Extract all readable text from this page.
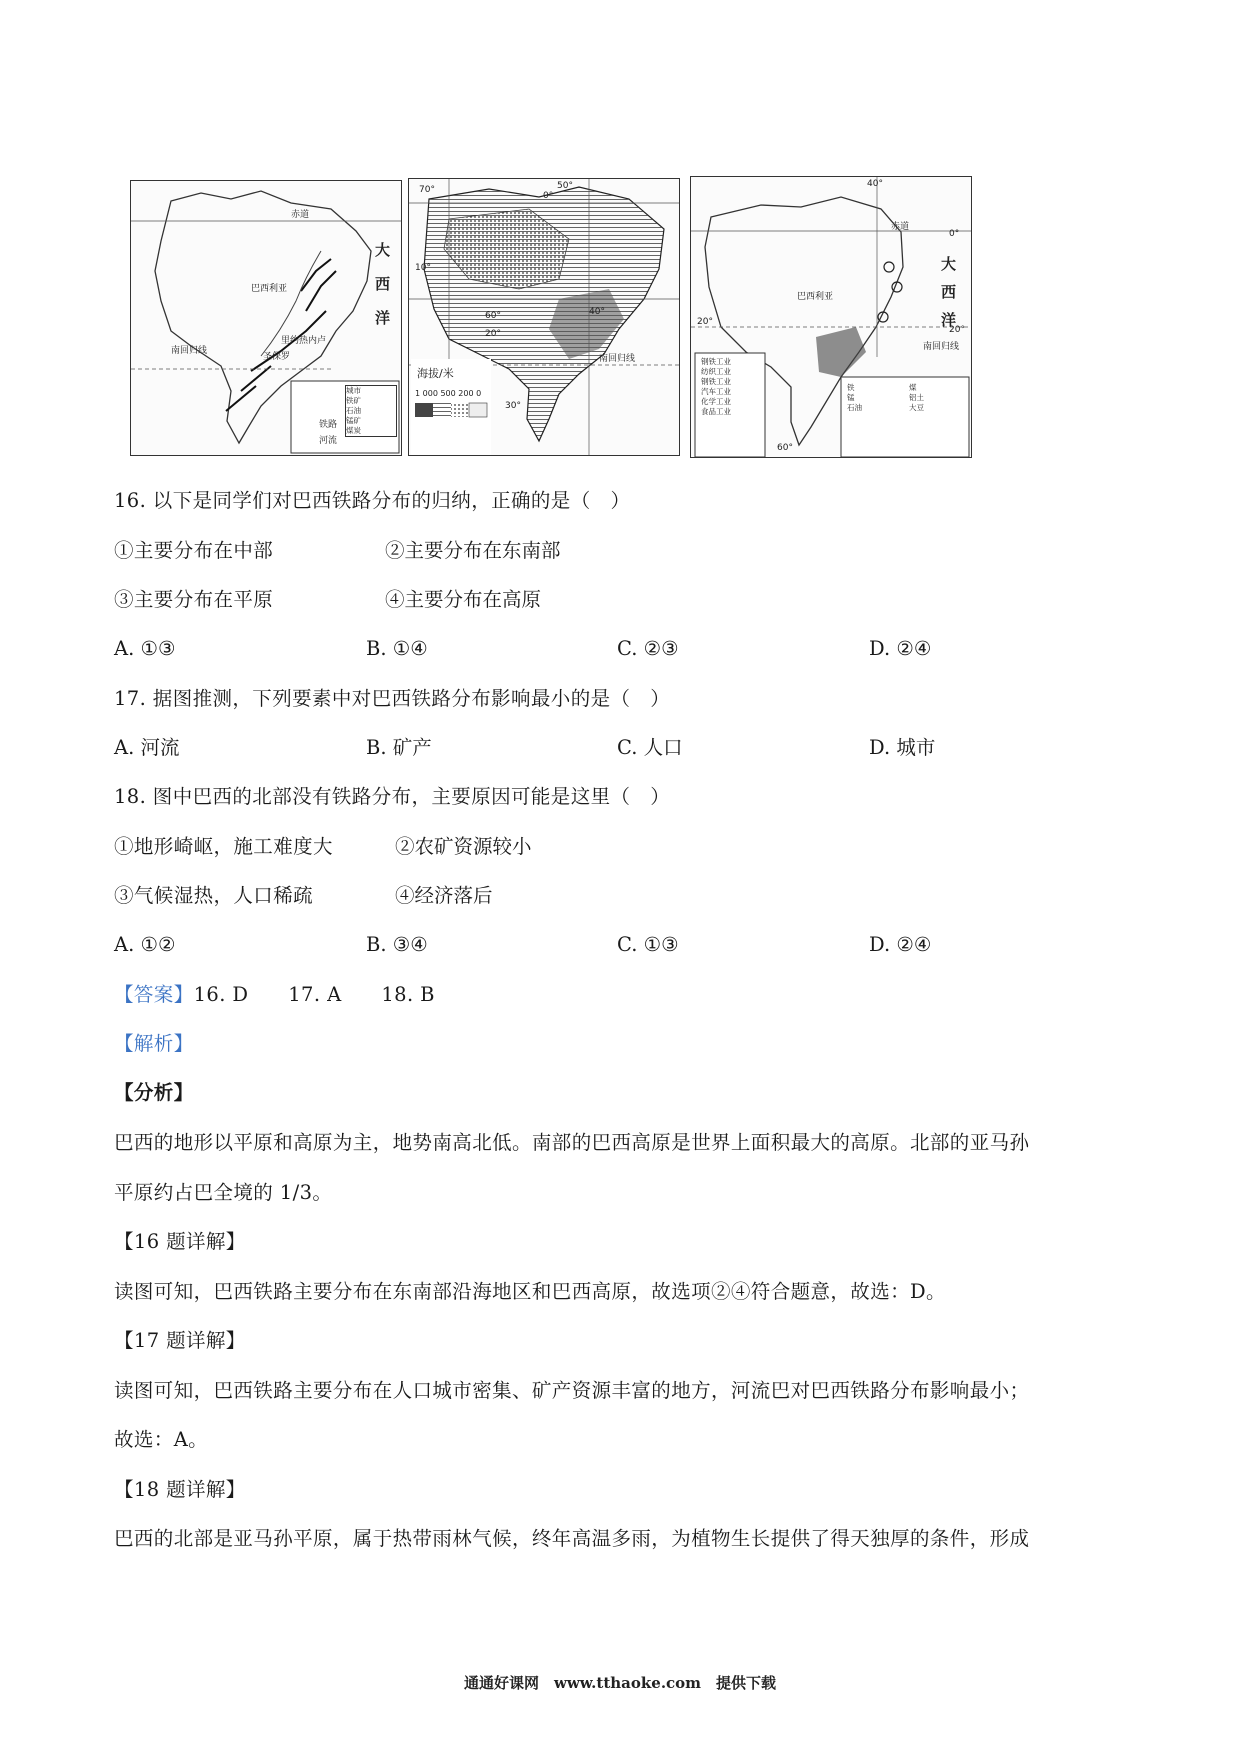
赤道
大
西
洋
巴西利亚
南回归线
里约热内卢
圣保罗
城市
铁矿
石油
锰矿
煤炭
铁路
河流
0°
70°	50°
10°
20°
30°
40°
60°
南回归线
海拔/米
1 000 500 200 0
40°
赤道
0°
大
西
洋
巴西利亚
20°
20°
南回归线
60°
钢铁工业
纺织工业
钢铁工业
汽车工业
化学工业
食品工业
铁
锰
石油
煤
铝土
大豆
16. 以下是同学们对巴西铁路分布的归纳，正确的是（　）
①主要分布在中部	②主要分布在东南部
③主要分布在平原	④主要分布在高原
A. ①③	B. ①④	C. ②③	D. ②④
17. 据图推测，下列要素中对巴西铁路分布影响最小的是（　）
A. 河流	B. 矿产	C. 人口	D. 城市
18. 图中巴西的北部没有铁路分布，主要原因可能是这里（　）
①地形崎岖，施工难度大	②农矿资源较小
③气候湿热，人口稀疏	④经济落后
A. ①②	B. ③④	C. ①③	D. ②④
【答案】16. D　　17. A　　18. B
【解析】
【分析】
巴西的地形以平原和高原为主，地势南高北低。南部的巴西高原是世界上面积最大的高原。北部的亚马孙
平原约占巴全境的 1/3。
【16 题详解】
读图可知，巴西铁路主要分布在东南部沿海地区和巴西高原，故选项②④符合题意，故选：D。
【17 题详解】
读图可知，巴西铁路主要分布在人口城市密集、矿产资源丰富的地方，河流巴对巴西铁路分布影响最小；
故选：A。
【18 题详解】
巴西的北部是亚马孙平原，属于热带雨林气候，终年高温多雨，为植物生长提供了得天独厚的条件，形成
通通好课网　www.tthaoke.com　提供下载
